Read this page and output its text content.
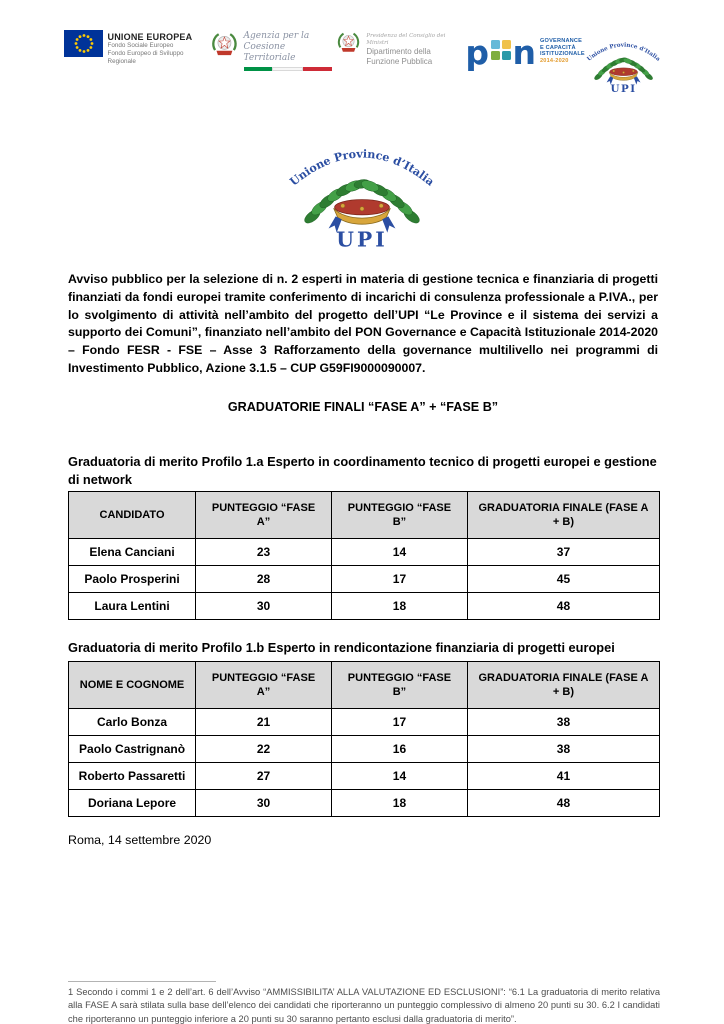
UNIONE EUROPEA
Fondo Sociale Europeo
Fondo Europeo di Sviluppo Regionale
Agenzia per la
Coesione Territoriale
Presidenza del Consiglio dei Ministri
Dipartimento della
Funzione Pubblica	p n GOVERNANCE
E CAPACITÀ
ISTITUZIONALE
2014-2020

Avviso pubblico per la selezione di n. 2 esperti in materia di gestione tecnica e finanziaria di progetti finanziati da fondi europei tramite conferimento di incarichi di consulenza professionale a P.IVA., per lo svolgimento di attività nell’ambito del progetto dell’UPI “Le Province e il sistema dei servizi a supporto dei Comuni”, finanziato nell’ambito del PON Governance e Capacità Istituzionale 2014-2020 – Fondo FESR - FSE – Asse 3 Rafforzamento della governance multilivello nei programmi di Investimento Pubblico, Azione 3.1.5 – CUP G59FI9000090007.

GRADUATORIE FINALI “FASE A” + “FASE B”
Graduatoria di merito Profilo 1.a Esperto in coordinamento tecnico di progetti europei e gestione di network
CANDIDATO	PUNTEGGIO “FASE A”	PUNTEGGIO “FASE B”	GRADUATORIA FINALE (FASE A + B)
Elena Canciani	23	14	37
Paolo Prosperini	28	17	45
Laura Lentini	30	18	48
Graduatoria di merito Profilo 1.b Esperto in rendicontazione finanziaria di progetti europei
NOME E COGNOME	PUNTEGGIO “FASE A”	PUNTEGGIO “FASE B”	GRADUATORIA FINALE (FASE A + B)
Carlo Bonza	21	17	38
Paolo Castrignanò	22	16	38
Roberto Passaretti	27	14	41
Doriana Lepore	30	18	48
Roma, 14 settembre 2020
1 Secondo i commi 1 e 2 dell’art. 6 dell’Avviso “AMMISSIBILITA’ ALLA VALUTAZIONE ED ESCLUSIONI”: “6.1 La graduatoria di merito relativa alla FASE A sarà stilata sulla base dell’elenco dei candidati che riporteranno un punteggio complessivo di almeno 20 punti su 30. 6.2 I candidati che riporteranno un punteggio inferiore a 20 punti su 30 saranno pertanto esclusi dalla graduatoria di merito”.
